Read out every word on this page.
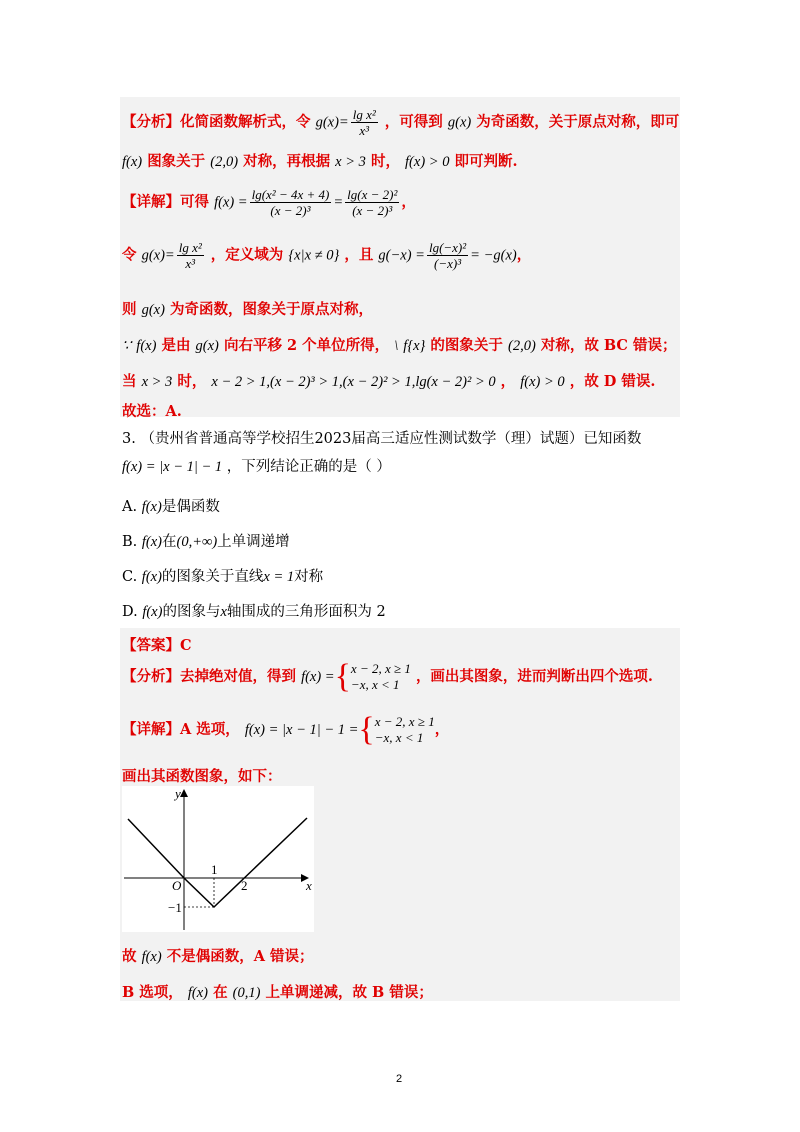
【分析】化简函数解析式，令 $g(x)= \frac{\text{lg x²}}{\text{x³}}$ ，可得到 g(x) 为奇函数，关于原点对称，即可
f(x) 图象关于 (2,0) 对称，再根据 x > 3 时， f(x) > 0 即可判断.
【详解】可得 $f(x) = \frac{\text{lg(x² − 4x + 4)}}{\text{(x − 2)³}} = \frac{\text{lg(x − 2)²}}{\text{(x − 2)³}}$ ，
令 $g(x)= \frac{\text{lg x²}}{\text{x³}}$ ，定义域为 {x|x ≠ 0} ，且 $g(-x) = \frac{\text{lg(−x)²}}{\text{(−x)³}} = -g(x)$，
则 g(x) 为奇函数，图象关于原点对称，
∵ f(x) 是由 g(x) 向右平移 2 个单位所得， \ f{x} 的图象关于 (2,0) 对称，故 BC 错误；
当 x > 3 时， x − 2 > 1,(x − 2)³ > 1,(x − 2)² > 1,lg(x − 2)² > 0 ， f(x) > 0 ，故 D 错误.
故选：A.
3. （贵州省普通高等学校招生2023届高三适应性测试数学（理）试题）已知函数
f(x) = |x − 1| − 1 ，下列结论正确的是（ ）
A. f(x)是偶函数
B. f(x)在(0,+∞)上单调递增
C. f(x)的图象关于直线x = 1对称
D. f(x)的图象与x轴围成的三角形面积为 2
【答案】C
【分析】去掉绝对值，得到 f(x) = { x − 2, x ≥ 1
−x, x < 1	，画出其图象，进而判断出四个选项.
【详解】A 选项， f(x) = |x − 1| − 1 = { x − 2, x ≥ 1
−x, x < 1 ，
画出其函数图象，如下：
y
x
O
1
2
−1
故 f(x) 不是偶函数，A 错误；
B 选项， f(x) 在 (0,1) 上单调递减，故 B 错误；
2
